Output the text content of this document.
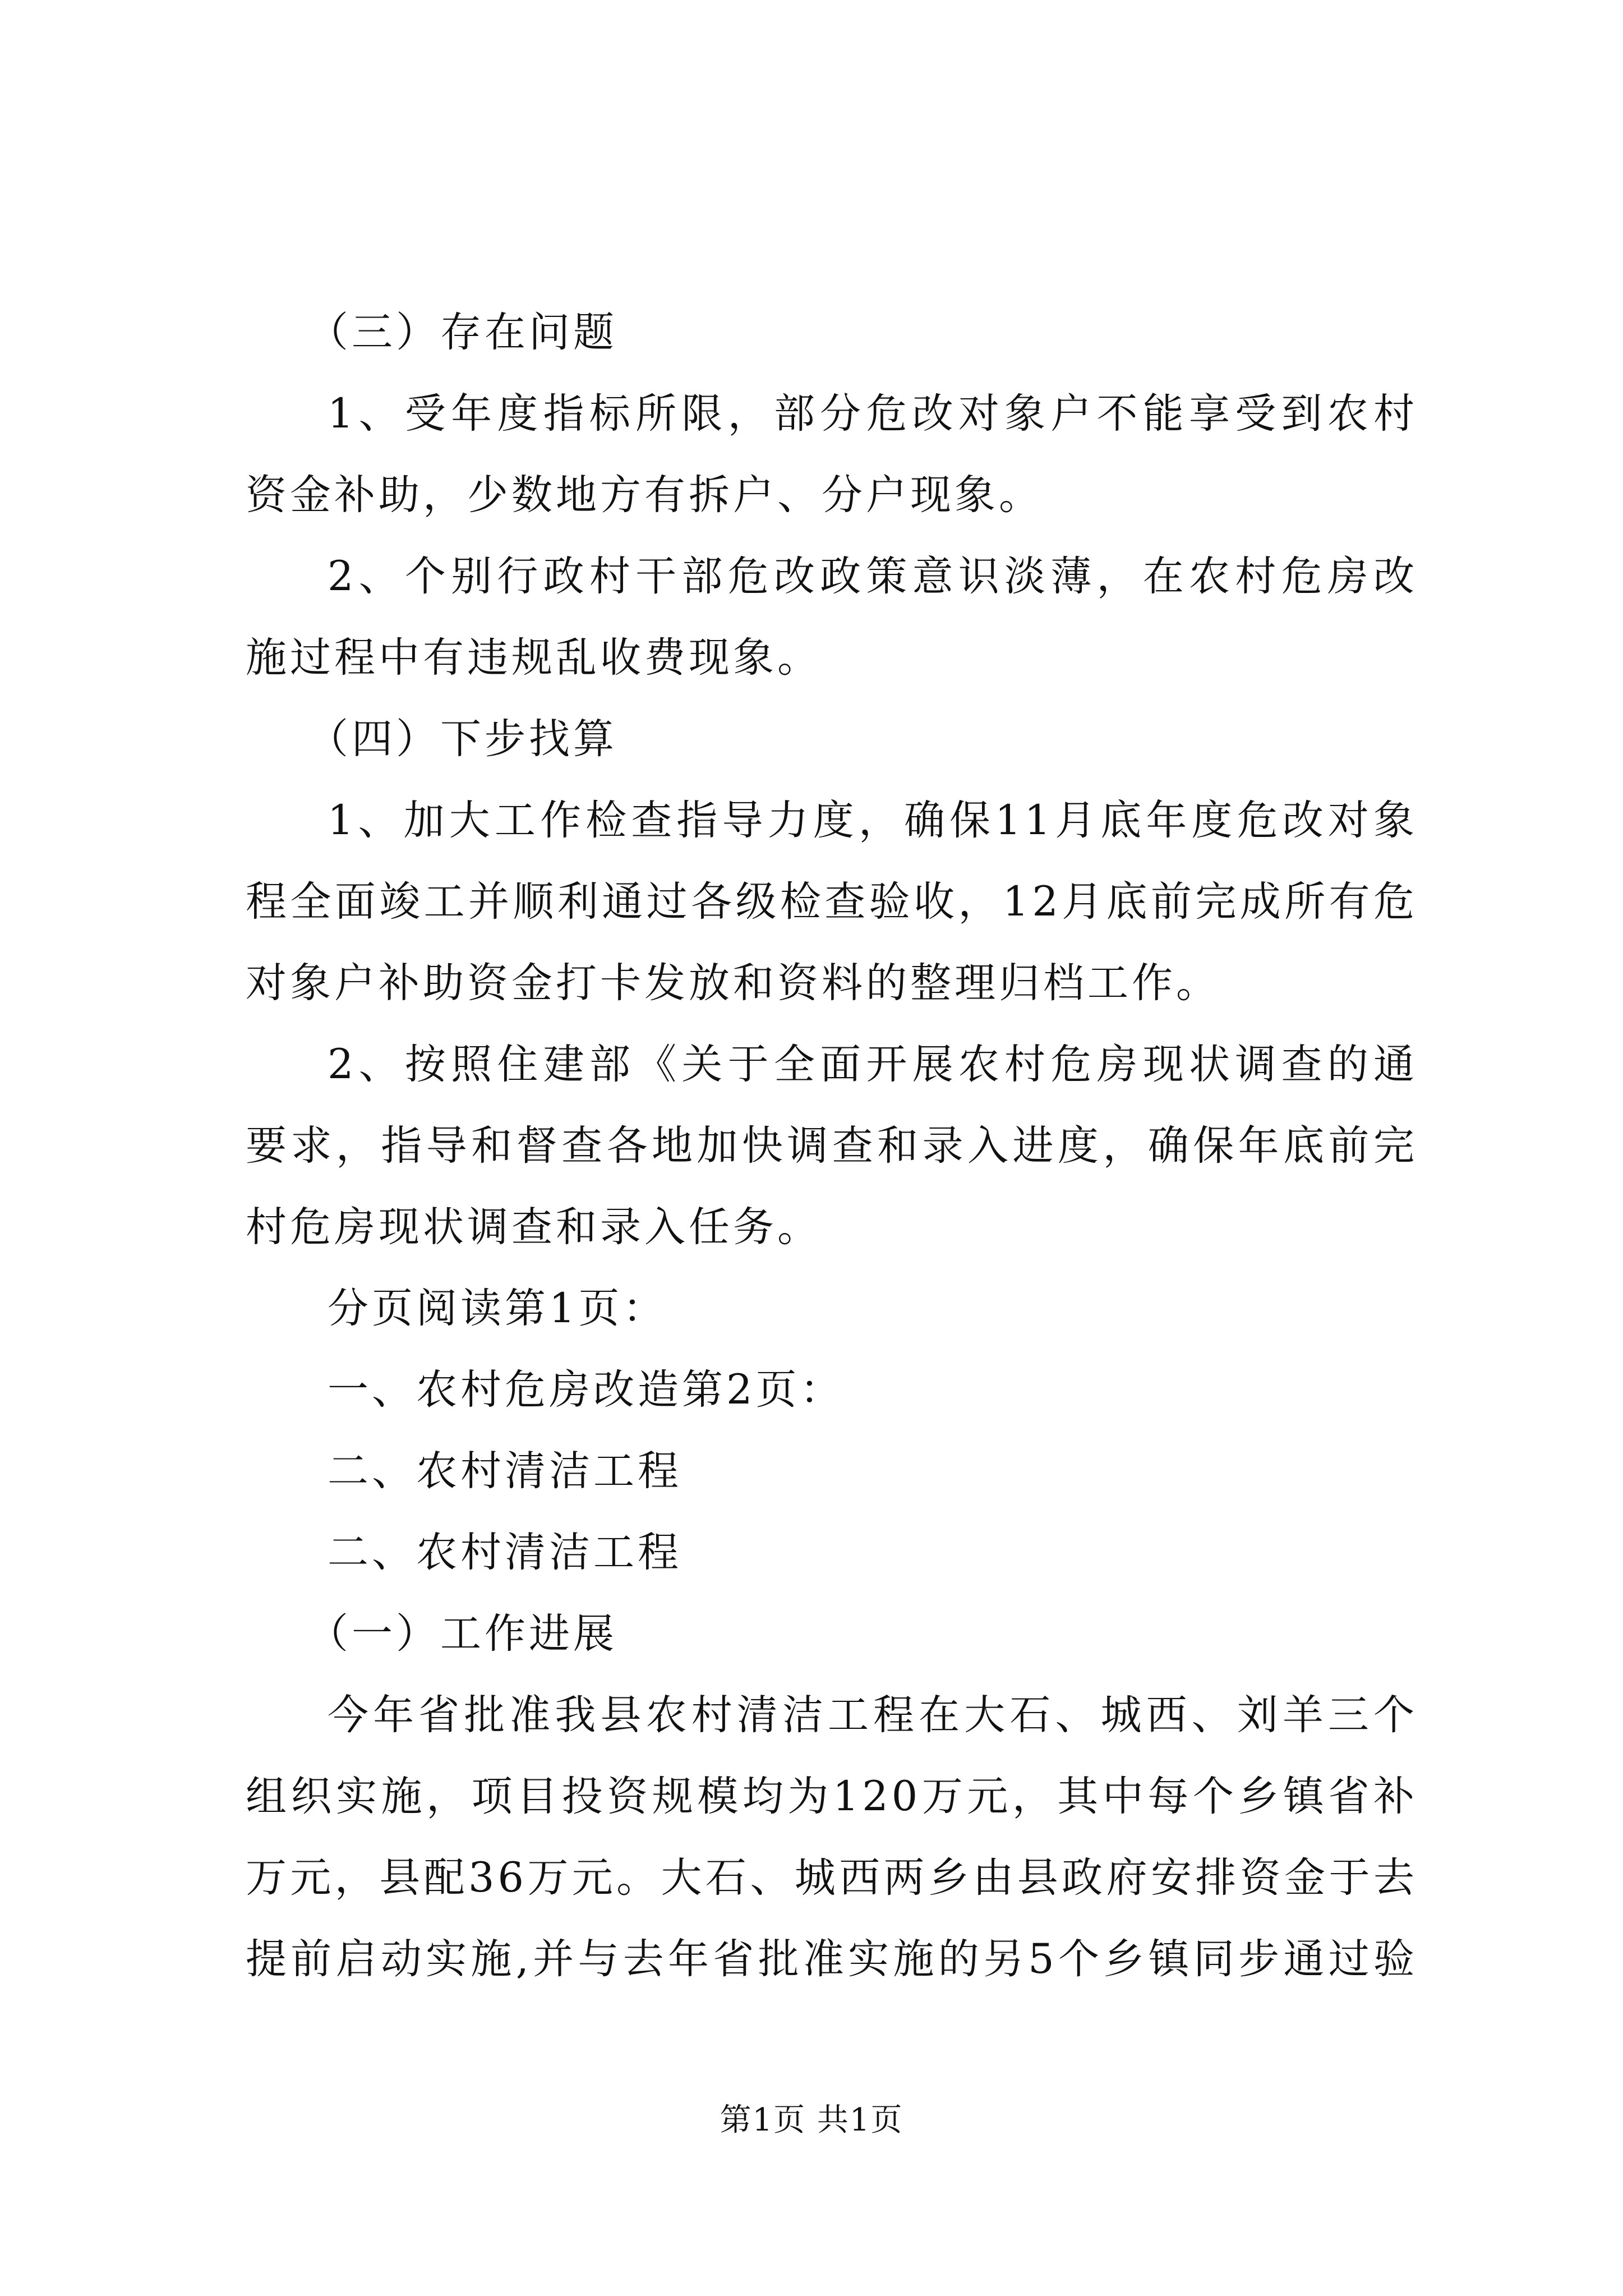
（三）存在问题
1、受年度指标所限，部分危改对象户不能享受到农村
资金补助，少数地方有拆户、分户现象。
2、个别行政村干部危改政策意识淡薄，在农村危房改
施过程中有违规乱收费现象。
（四）下步找算
1、加大工作检查指导力度，确保11月底年度危改对象
程全面竣工并顺利通过各级检查验收，12月底前完成所有危
对象户补助资金打卡发放和资料的整理归档工作。
2、按照住建部《关于全面开展农村危房现状调查的通
要求，指导和督查各地加快调查和录入进度，确保年底前完
村危房现状调查和录入任务。
分页阅读第1页：
一、农村危房改造第2页：
二、农村清洁工程
二、农村清洁工程
（一）工作进展
今年省批准我县农村清洁工程在大石、城西、刘羊三个
组织实施，项目投资规模均为120万元，其中每个乡镇省补
万元，县配36万元。大石、城西两乡由县政府安排资金于去
提前启动实施,并与去年省批准实施的另5个乡镇同步通过验
第1页 共1页
